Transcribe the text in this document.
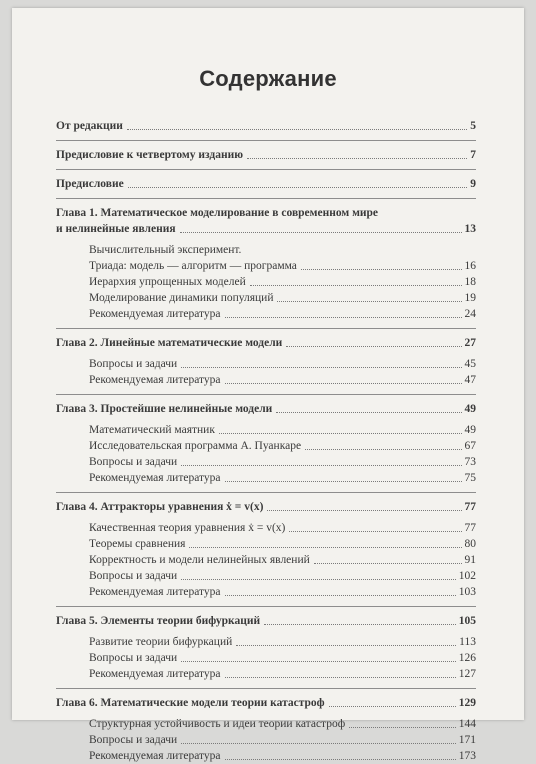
Содержание
От редакции	5
Предисловие к четвертому изданию	7
Предисловие	9
Глава 1. Математическое моделирование в современном мире
и нелинейные явления	13
Вычислительный эксперимент.
Триада: модель — алгоритм — программа	16
Иерархия упрощенных моделей	18
Моделирование динамики популяций	19
Рекомендуемая литература	24
Глава 2. Линейные математические модели	27
Вопросы и задачи	45
Рекомендуемая литература	47
Глава 3. Простейшие нелинейные модели	49
Математический маятник	49
Исследовательская программа А. Пуанкаре	67
Вопросы и задачи	73
Рекомендуемая литература	75
Глава 4. Аттракторы уравнения ẋ = v(x)	77
Качественная теория уравнения ẋ = v(x)	77
Теоремы сравнения	80
Корректность и модели нелинейных явлений	91
Вопросы и задачи	102
Рекомендуемая литература	103
Глава 5. Элементы теории бифуркаций	105
Развитие теории бифуркаций	113
Вопросы и задачи	126
Рекомендуемая литература	127
Глава 6. Математические модели теории катастроф	129
Структурная устойчивость и идеи теории катастроф	144
Вопросы и задачи	171
Рекомендуемая литература	173
